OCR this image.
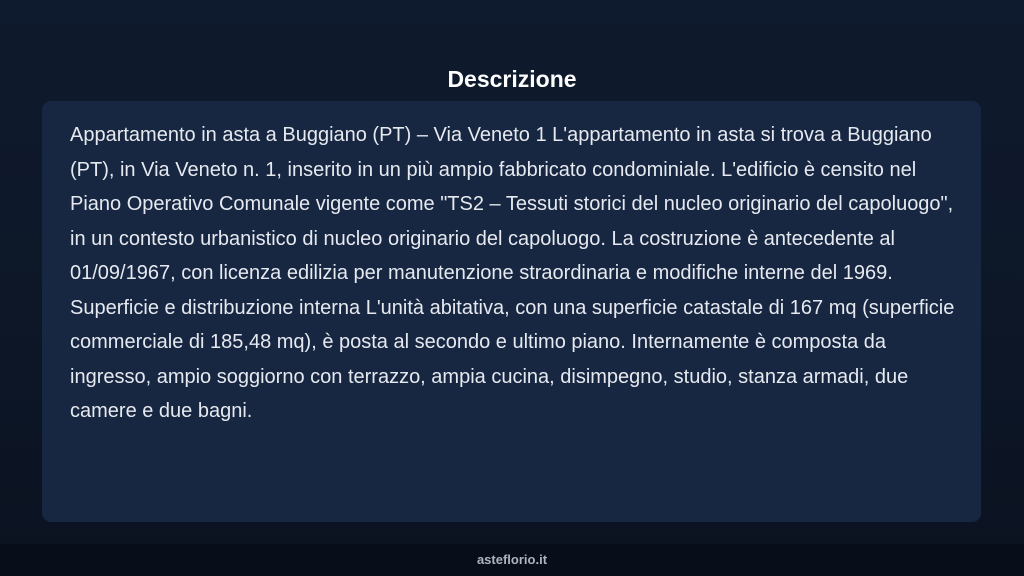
Descrizione

Appartamento in asta a Buggiano (PT) – Via Veneto 1 L'appartamento in asta si trova a Buggiano (PT), in Via Veneto n. 1, inserito in un più ampio fabbricato condominiale. L'edificio è censito nel Piano Operativo Comunale vigente come "TS2 – Tessuti storici del nucleo originario del capoluogo", in un contesto urbanistico di nucleo originario del capoluogo. La costruzione è antecedente al 01/09/1967, con licenza edilizia per manutenzione straordinaria e modifiche interne del 1969. Superficie e distribuzione interna L'unità abitativa, con una superficie catastale di 167 mq (superficie commerciale di 185,48 mq), è posta al secondo e ultimo piano. Internamente è composta da ingresso, ampio soggiorno con terrazzo, ampia cucina, disimpegno, studio, stanza armadi, due camere e due bagni.

asteflorio.it
